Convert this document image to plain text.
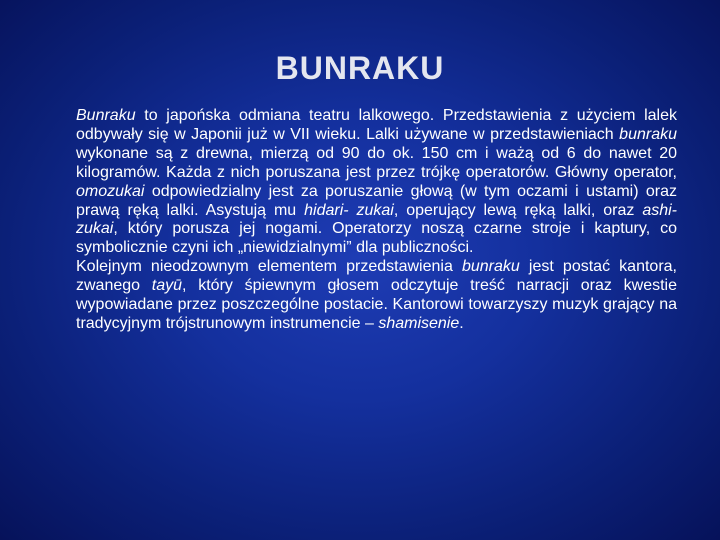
BUNRAKU

Bunraku to japońska odmiana teatru lalkowego. Przedstawienia z użyciem lalek odbywały się w Japonii już w VII wieku. Lalki używane w przedstawieniach bunraku wykonane są z drewna, mierzą od 90 do ok. 150 cm i ważą od 6 do nawet 20 kilogramów. Każda z nich poruszana jest przez trójkę operatorów. Główny operator, omozukai odpowiedzialny jest za poruszanie głową (w tym oczami i ustami) oraz prawą ręką lalki. Asystują mu hidari- zukai, operujący lewą ręką lalki, oraz ashi-zukai, który porusza jej nogami. Operatorzy noszą czarne stroje i kaptury, co symbolicznie czyni ich „niewidzialnymi” dla publiczności.

Kolejnym nieodzownym elementem przedstawienia bunraku jest postać kantora, zwanego tayū, który śpiewnym głosem odczytuje treść narracji oraz kwestie wypowiadane przez poszczególne postacie. Kantorowi towarzyszy muzyk grający na tradycyjnym trójstrunowym instrumencie – shamisenie.
